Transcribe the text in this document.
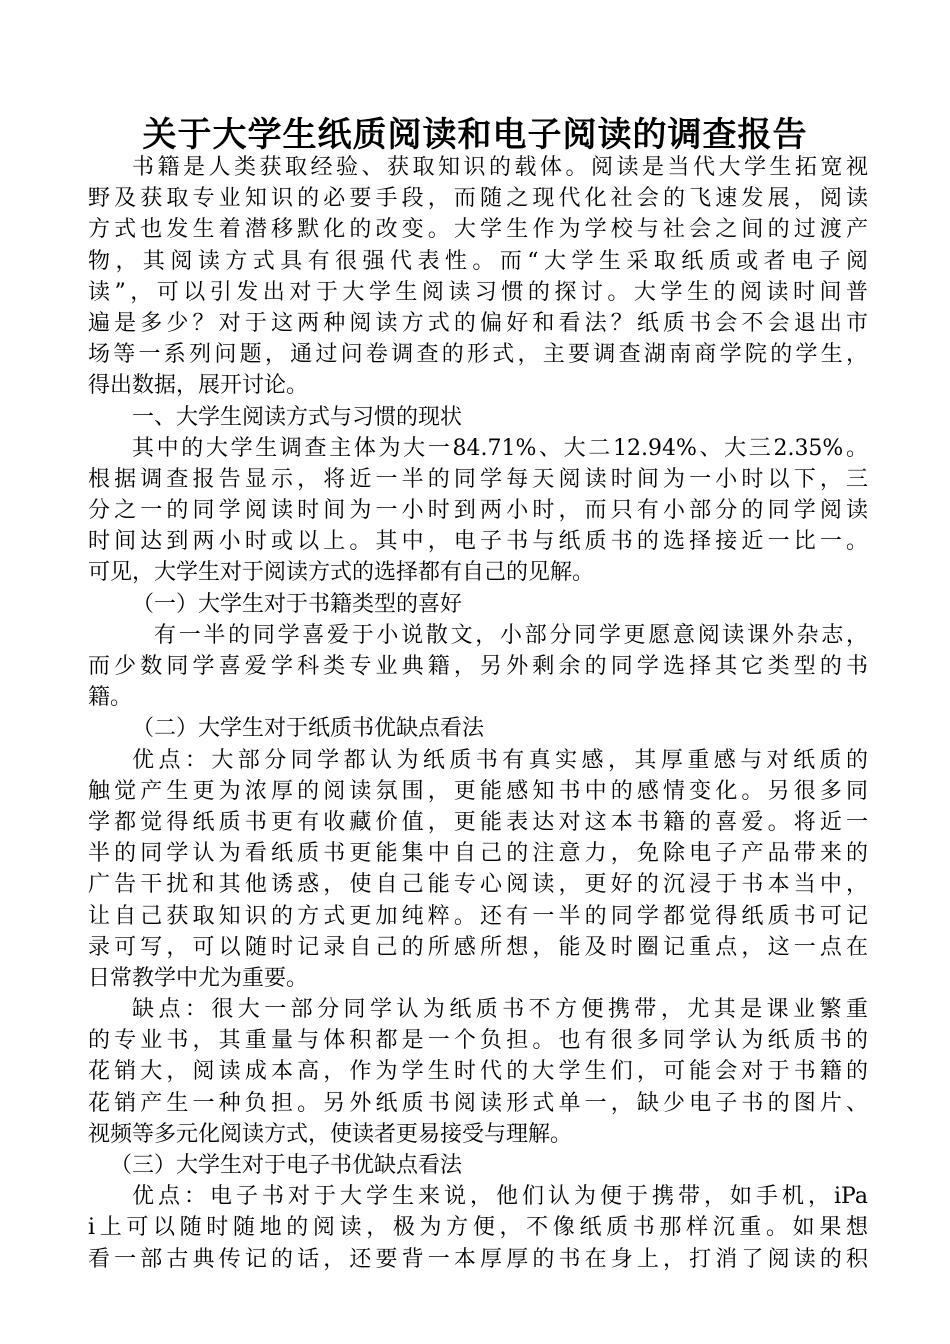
关于大学生纸质阅读和电子阅读的调查报告
书籍是人类获取经验、获取知识的载体。阅读是当代大学生拓宽视
野及获取专业知识的必要手段，而随之现代化社会的飞速发展，阅读
方式也发生着潜移默化的改变。大学生作为学校与社会之间的过渡产
物，其阅读方式具有很强代表性。而“大学生采取纸质或者电子阅
读”，可以引发出对于大学生阅读习惯的探讨。大学生的阅读时间普
遍是多少？对于这两种阅读方式的偏好和看法？纸质书会不会退出市
场等一系列问题，通过问卷调查的形式，主要调查湖南商学院的学生，
得出数据，展开讨论。
一、大学生阅读方式与习惯的现状
其中的大学生调查主体为大一84.71%、大二12.94%、大三2.35%。
根据调查报告显示，将近一半的同学每天阅读时间为一小时以下，三
分之一的同学阅读时间为一小时到两小时，而只有小部分的同学阅读
时间达到两小时或以上。其中，电子书与纸质书的选择接近一比一。
可见，大学生对于阅读方式的选择都有自己的见解。
（一）大学生对于书籍类型的喜好
有一半的同学喜爱于小说散文，小部分同学更愿意阅读课外杂志，
而少数同学喜爱学科类专业典籍，另外剩余的同学选择其它类型的书
籍。
（二）大学生对于纸质书优缺点看法
优点：大部分同学都认为纸质书有真实感，其厚重感与对纸质的
触觉产生更为浓厚的阅读氛围，更能感知书中的感情变化。另很多同
学都觉得纸质书更有收藏价值，更能表达对这本书籍的喜爱。将近一
半的同学认为看纸质书更能集中自己的注意力，免除电子产品带来的
广告干扰和其他诱惑，使自己能专心阅读，更好的沉浸于书本当中，
让自己获取知识的方式更加纯粹。还有一半的同学都觉得纸质书可记
录可写，可以随时记录自己的所感所想，能及时圈记重点，这一点在
日常教学中尤为重要。
缺点：很大一部分同学认为纸质书不方便携带，尤其是课业繁重
的专业书，其重量与体积都是一个负担。也有很多同学认为纸质书的
花销大，阅读成本高，作为学生时代的大学生们，可能会对于书籍的
花销产生一种负担。另外纸质书阅读形式单一，缺少电子书的图片、
视频等多元化阅读方式，使读者更易接受与理解。
（三）大学生对于电子书优缺点看法
优点：电子书对于大学生来说，他们认为便于携带，如手机，iPa
i上可以随时随地的阅读，极为方便，不像纸质书那样沉重。如果想
看一部古典传记的话，还要背一本厚厚的书在身上，打消了阅读的积
